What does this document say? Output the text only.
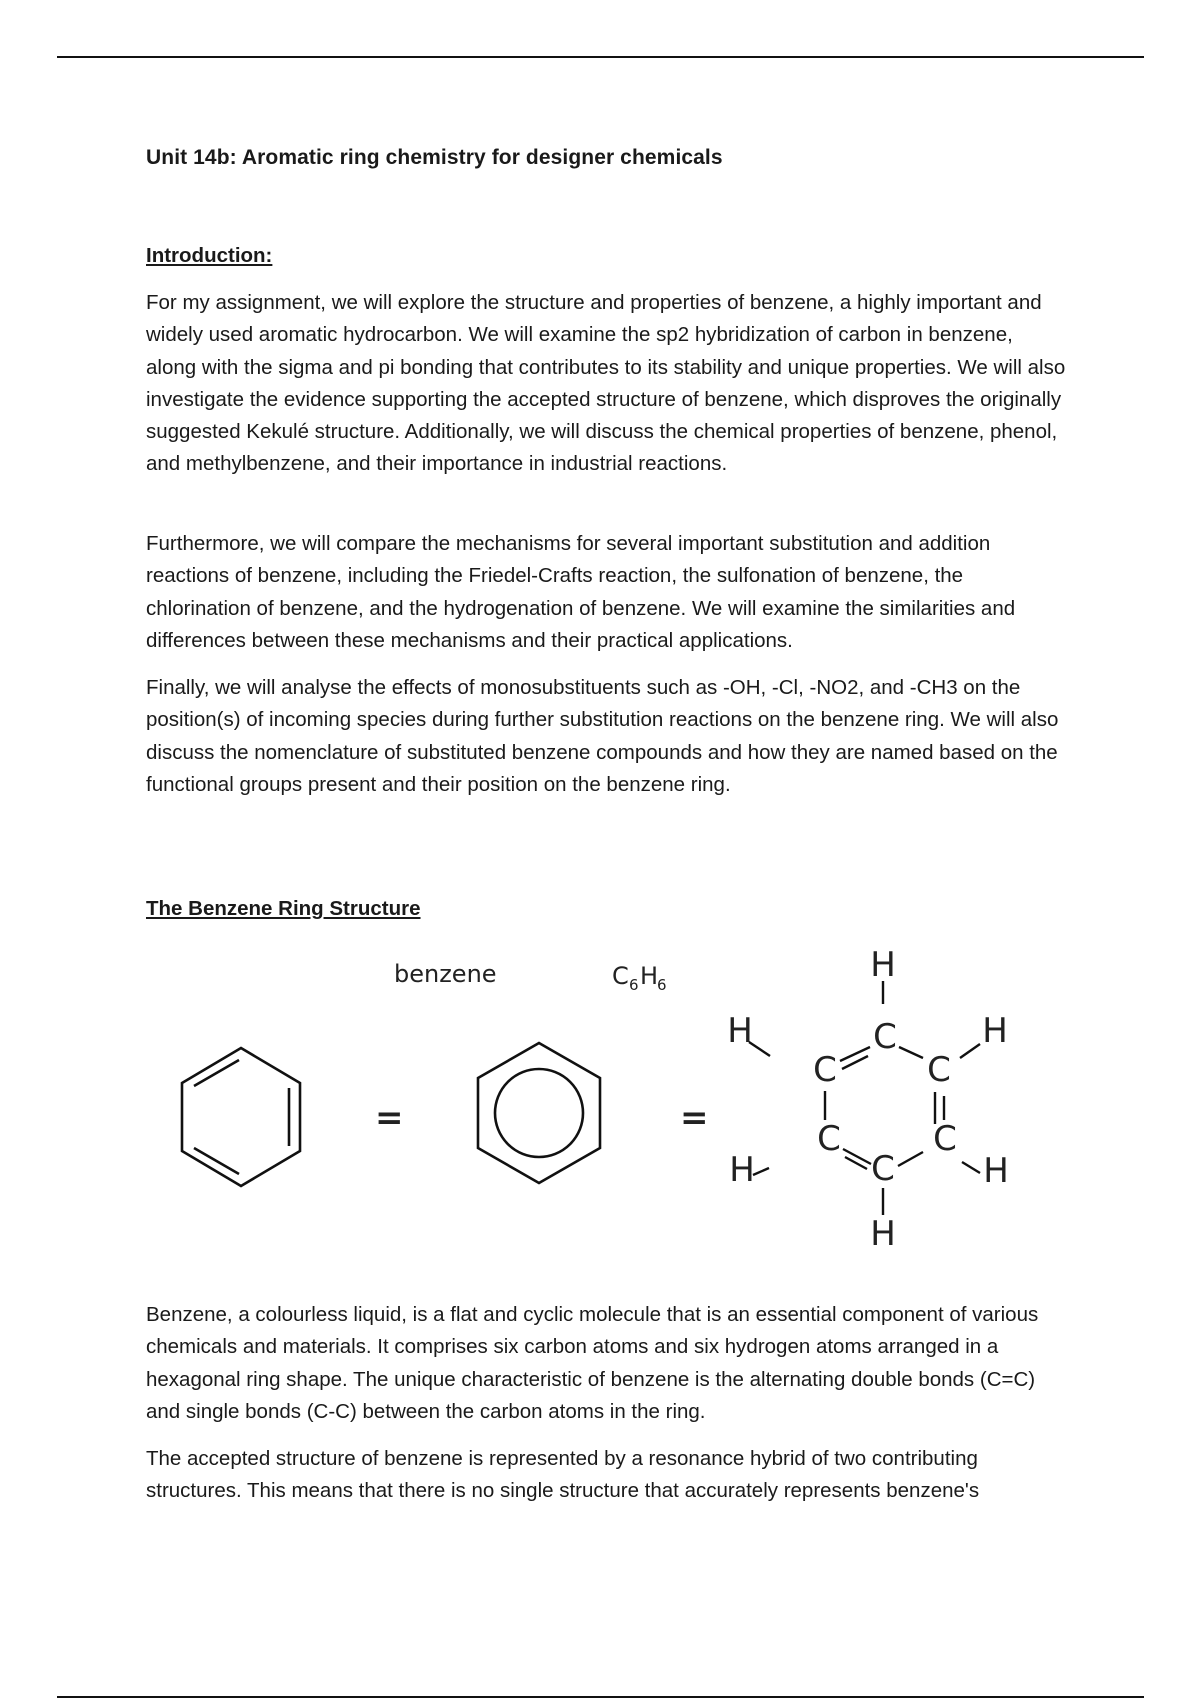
Unit 14b: Aromatic ring chemistry for designer chemicals
Introduction:

For my assignment, we will explore the structure and properties of benzene, a highly important and widely used aromatic hydrocarbon. We will examine the sp2 hybridization of carbon in benzene, along with the sigma and pi bonding that contributes to its stability and unique properties. We will also investigate the evidence supporting the accepted structure of benzene, which disproves the originally suggested Kekulé structure. Additionally, we will discuss the chemical properties of benzene, phenol, and methylbenzene, and their importance in industrial reactions.

Furthermore, we will compare the mechanisms for several important substitution and addition reactions of benzene, including the Friedel-Crafts reaction, the sulfonation of benzene, the chlorination of benzene, and the hydrogenation of benzene. We will examine the similarities and differences between these mechanisms and their practical applications.

Finally, we will analyse the effects of monosubstituents such as -OH, -Cl, -NO2, and -CH3 on the position(s) of incoming species during further substitution reactions on the benzene ring. We will also discuss the nomenclature of substituted benzene compounds and how they are named based on the functional groups present and their position on the benzene ring.

The Benzene Ring Structure

Benzene, a colourless liquid, is a flat and cyclic molecule that is an essential component of various chemicals and materials. It comprises six carbon atoms and six hydrogen atoms arranged in a hexagonal ring shape. The unique characteristic of benzene is the alternating double bonds (C=C) and single bonds (C-C) between the carbon atoms in the ring.

The accepted structure of benzene is represented by a resonance hybrid of two contributing structures. This means that there is no single structure that accurately represents benzene's

benzene	C 6 H
6
=	=
H
H	H
H	H
H
C
C	C
C	C
C
